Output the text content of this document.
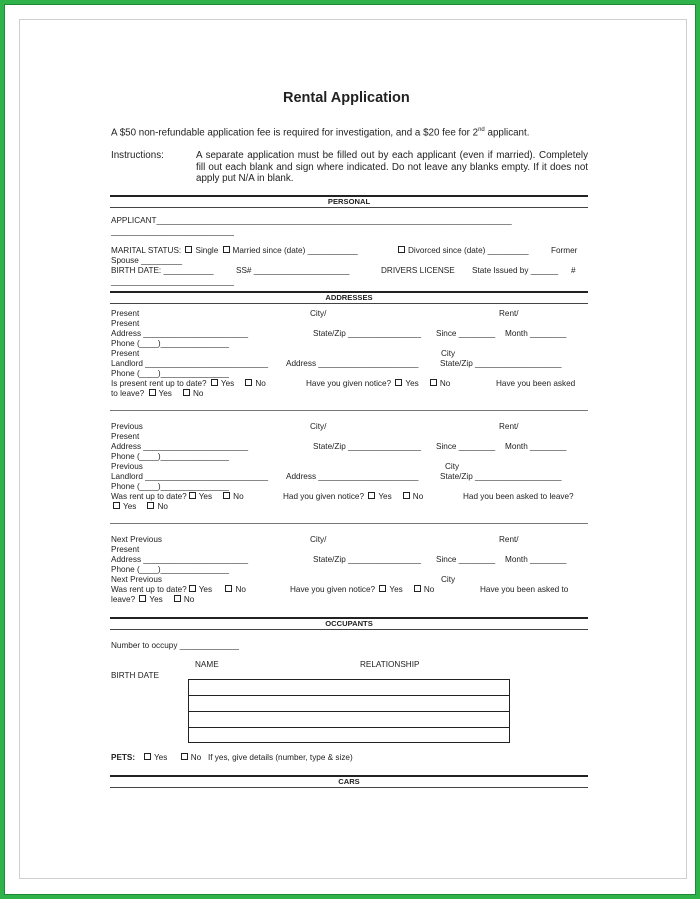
Rental Application
A $50 non-refundable application fee is required for investigation, and a $20 fee for 2nd applicant.
Instructions:	A separate application must be filled out by each applicant (even if married). Completely fill out each blank and sign where indicated. Do not leave any blanks empty. If it does not apply put N/A in blank.
PERSONAL
APPLICANT______________________________________________________________________________
___________________________
MARITAL STATUS: Single Married since (date) ___________	Divorced since (date) _________	Former
Spouse _________
BIRTH DATE: ___________	SS# _____________________	DRIVERS LICENSE State Issued by ______ #
___________________________
ADDRESSES
Present	City/	Rent/
Present
Address _______________________	State/Zip ________________ Since ________ Month ________
Phone (____)_______________
Present	City
Landlord ___________________________ Address ______________________	State/Zip ___________________
Phone (____)_______________
Is present rent up to date? Yes	No	Have you given notice? Yes	No	Have you been asked
to leave? Yes	No
Previous	City/	Rent/
Present
Address _______________________	State/Zip ________________ Since ________ Month ________
Phone (____)_______________
Previous	City
Landlord ___________________________ Address ______________________	State/Zip ___________________
Phone (____)_______________
Was rent up to date? Yes	No	Had you given notice? Yes	No	Had you been asked to leave?
Yes	No
Next Previous	City/	Rent/
Present
Address _______________________	State/Zip ________________ Since ________ Month ________
Phone (____)_______________
Next Previous	City
Was rent up to date? Yes	No	Have you given notice? Yes	No	Have you been asked to
leave? Yes	No
OCCUPANTS
Number to occupy _____________
NAME	RELATIONSHIP
BIRTH DATE
PETS: Yes	No If yes, give details (number, type & size)
CARS
